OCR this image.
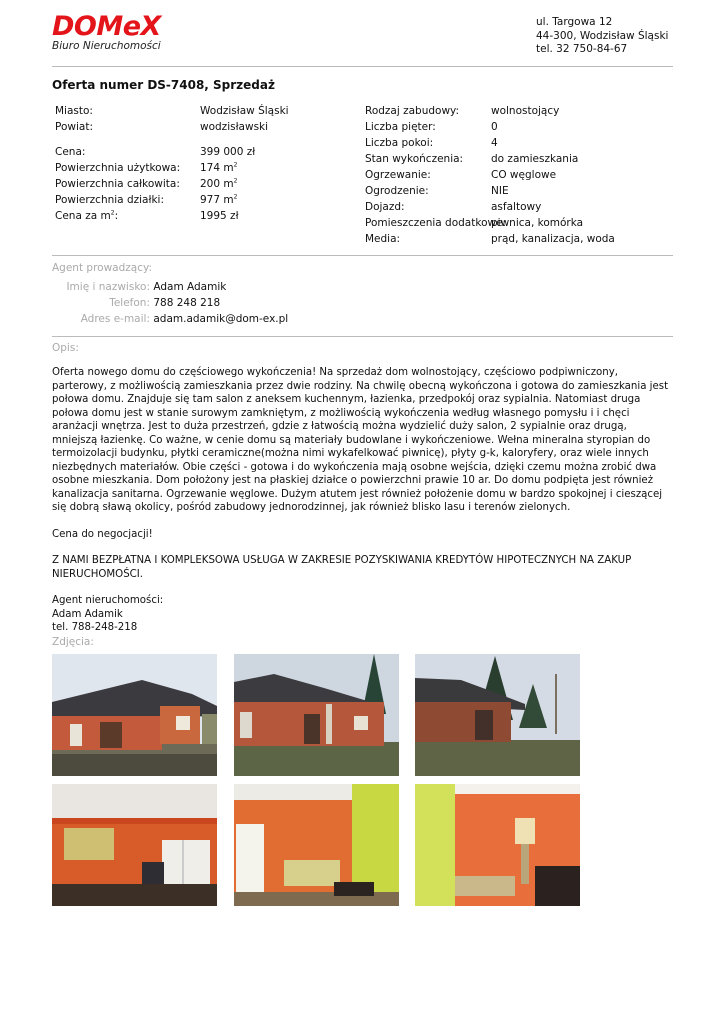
DOMeX
Biuro Nieruchomości
ul. Targowa 12
44-300, Wodzisław Śląski
tel. 32 750-84-67
Oferta numer DS-7408, Sprzedaż
Miasto:	Wodzisław Śląski
Powiat:	wodzisławski
Cena:	399 000 zł
Powierzchnia użytkowa: 174 $m^2$
Powierzchnia całkowita: 200 $m^2$
Powierzchnia działki:	977 $m^2$
Cena za $m^2$:	1995 zł
Rodzaj zabudowy:	wolnostojący
Liczba pięter:	0
Liczba pokoi:	4
Stan wykończenia:	do zamieszkania
Ogrzewanie:	CO węglowe
Ogrodzenie:	NIE
Dojazd:	asfaltowy
Pomieszczenia dodatkowe:
piwnica, komórka
Media:	prąd, kanalizacja, woda
Agent prowadzący:
Imię i nazwisko: Adam Adamik
Telefon: 788 248 218
Adres e-mail: adam.adamik@dom-ex.pl
Opis:

Oferta nowego domu do częściowego wykończenia! Na sprzedaż dom wolnostojący, częściowo podpiwniczony, parterowy, z możliwością zamieszkania przez dwie rodziny. Na chwilę obecną wykończona i gotowa do zamieszkania jest połowa domu. Znajduje się tam salon z aneksem kuchennym, łazienka, przedpokój oraz sypialnia. Natomiast druga połowa domu jest w stanie surowym zamkniętym, z możliwością wykończenia według własnego pomysłu i i chęci aranżacji wnętrza. Jest to duża przestrzeń, gdzie z łatwością można wydzielić duży salon, 2 sypialnie oraz drugą, mniejszą łazienkę. Co ważne, w cenie domu są materiały budowlane i wykończeniowe. Wełna mineralna styropian do termoizolacji budynku, płytki ceramiczne(można nimi wykafelkować piwnicę), płyty g-k, kaloryfery, oraz wiele innych niezbędnych materiałów. Obie części - gotowa i do wykończenia mają osobne wejścia, dzięki czemu można zrobić dwa osobne mieszkania. Dom położony jest na płaskiej działce o powierzchni prawie 10 ar. Do domu podpięta jest również kanalizacja sanitarna. Ogrzewanie węglowe. Dużym atutem jest również położenie domu w bardzo spokojnej i cieszącej się dobrą sławą okolicy, pośród zabudowy jednorodzinnej, jak również blisko lasu i terenów zielonych.

Cena do negocjacji!

Z NAMI BEZPŁATNA I KOMPLEKSOWA USŁUGA W ZAKRESIE POZYSKIWANIA KREDYTÓW HIPOTECZNYCH NA ZAKUP NIERUCHOMOŚCI.

Agent nieruchomości:
Adam Adamik
tel. 788-248-218
Zdjęcia:
